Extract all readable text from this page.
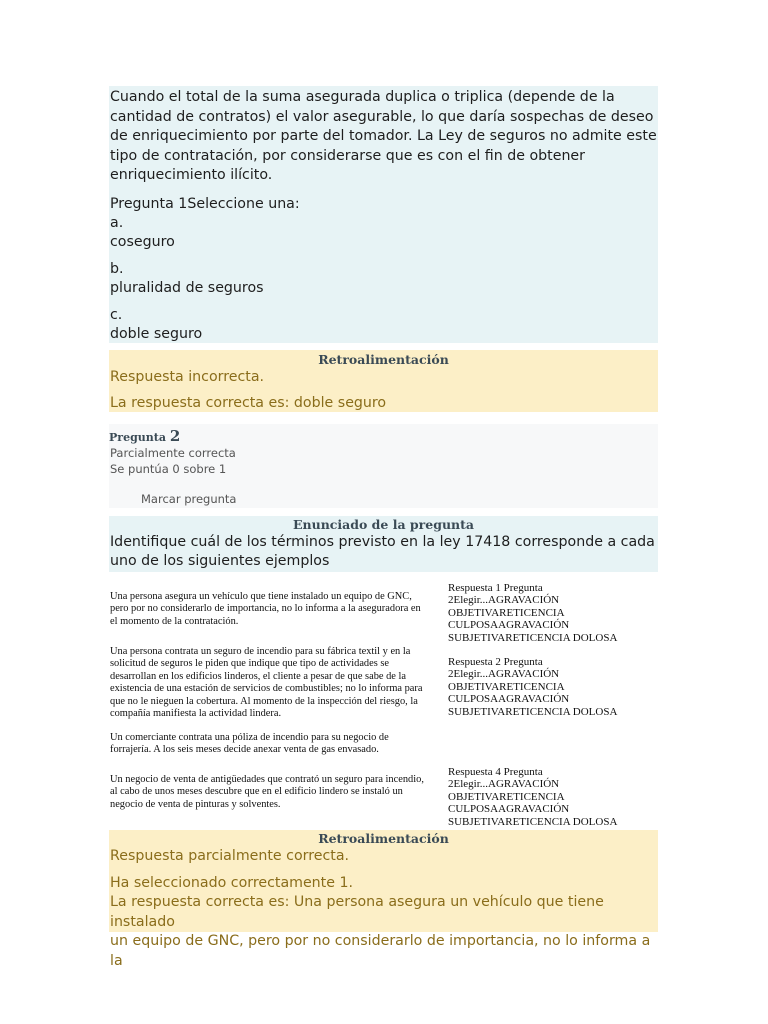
Cuando el total de la suma asegurada duplica o triplica (depende de la cantidad de contratos) el valor asegurable, lo que daría sospechas de deseo de enriquecimiento por parte del tomador. La Ley de seguros no admite este tipo de contratación, por considerarse que es con el fin de obtener enriquecimiento ilícito.

Pregunta 1Seleccione una:
a.
coseguro
b.
pluralidad de seguros
c.
doble seguro
Retroalimentación
Respuesta incorrecta.
La respuesta correcta es: doble seguro
Pregunta 2
Parcialmente correcta
Se puntúa 0 sobre 1
Marcar pregunta
Enunciado de la pregunta

Identifique cuál de los términos previsto en la ley 17418 corresponde a cada uno de los siguientes ejemplos

Una persona asegura un vehículo que tiene instalado un equipo de GNC, pero por no considerarlo de importancia, no lo informa a la aseguradora en el momento de la contratación.
Una persona contrata un seguro de incendio para su fábrica textil y en la solicitud de seguros le piden que indique que tipo de actividades se desarrollan en los edificios linderos, el cliente a pesar de que sabe de la existencia de una estación de servicios de combustibles; no lo informa para que no le nieguen la cobertura. Al momento de la inspección del riesgo, la compañía manifiesta la actividad lindera.
Un comerciante contrata una póliza de incendio para su negocio de forrajería. A los seis meses decide anexar venta de gas envasado.
Un negocio de venta de antigüedades que contrató un seguro para incendio, al cabo de unos meses descubre que en el edificio lindero se instaló un negocio de venta de pinturas y solventes.
Respuesta 1 Pregunta
2Elegir...AGRAVACIÓN
OBJETIVARETICENCIA
CULPOSAAGRAVACIÓN
SUBJETIVARETICENCIA DOLOSA
Respuesta 2 Pregunta
2Elegir...AGRAVACIÓN
OBJETIVARETICENCIA
CULPOSAAGRAVACIÓN
SUBJETIVARETICENCIA DOLOSA
Respuesta 4 Pregunta
2Elegir...AGRAVACIÓN
OBJETIVARETICENCIA
CULPOSAAGRAVACIÓN
SUBJETIVARETICENCIA DOLOSA
Retroalimentación
Respuesta parcialmente correcta.
Ha seleccionado correctamente 1.
La respuesta correcta es: Una persona asegura un vehículo que tiene instalado
un equipo de GNC, pero por no considerarlo de importancia, no lo informa a la
